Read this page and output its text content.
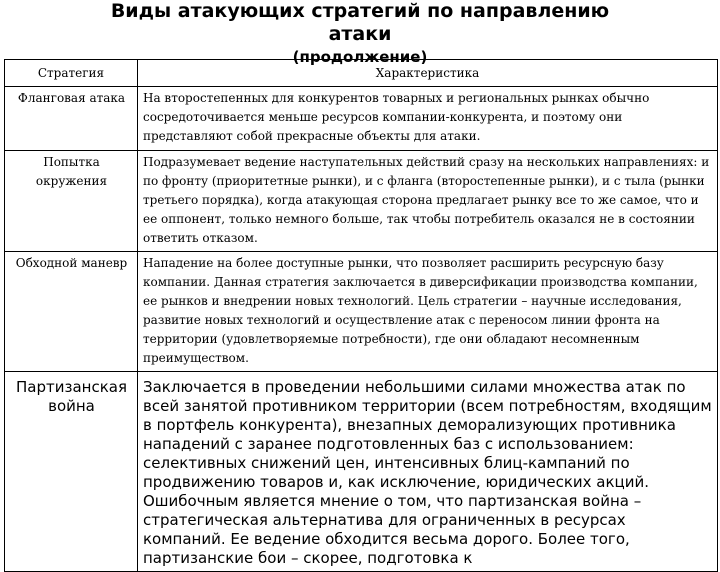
Виды атакующих стратегий по направлению
атаки
(продолжение)
Стратегия	Характеристика
Фланговая атака	На второстепенных для конкурентов товарных и региональных рынках обычно сосредоточивается меньше ресурсов компании-конкурента, и поэтому они представляют собой прекрасные объекты для атаки.
Попытка окружения	Подразумевает ведение наступательных действий сразу на нескольких направлениях: и по фронту (приоритетные рынки), и с фланга (второстепенные рынки), и с тыла (рынки третьего порядка), когда атакующая сторона предлагает рынку все то же самое, что и ее оппонент, только немного больше, так чтобы потребитель оказался не в состоянии ответить отказом.
Обходной маневр	Нападение на более доступные рынки, что позволяет расширить ресурсную базу компании. Данная стратегия заключается в диверсификации производства компании, ее рынков и внедрении новых технологий. Цель стратегии – научные исследования, развитие новых технологий и осуществление атак с переносом линии фронта на территории (удовлетворяемые потребности), где они обладают несомненным преимуществом.
Партизанская война	Заключается в проведении небольшими силами множества атак по всей занятой противником территории (всем потребностям, входящим в портфель конкурента), внезапных деморализующих противника нападений с заранее подготовленных баз с использованием: селективных снижений цен, интенсивных блиц-кампаний по продвижению товаров и, как исключение, юридических акций. Ошибочным является мнение о том, что партизанская война – стратегическая альтернатива для ограниченных в ресурсах компаний. Ее ведение обходится весьма дорого. Более того, партизанские бои – скорее, подготовка к
